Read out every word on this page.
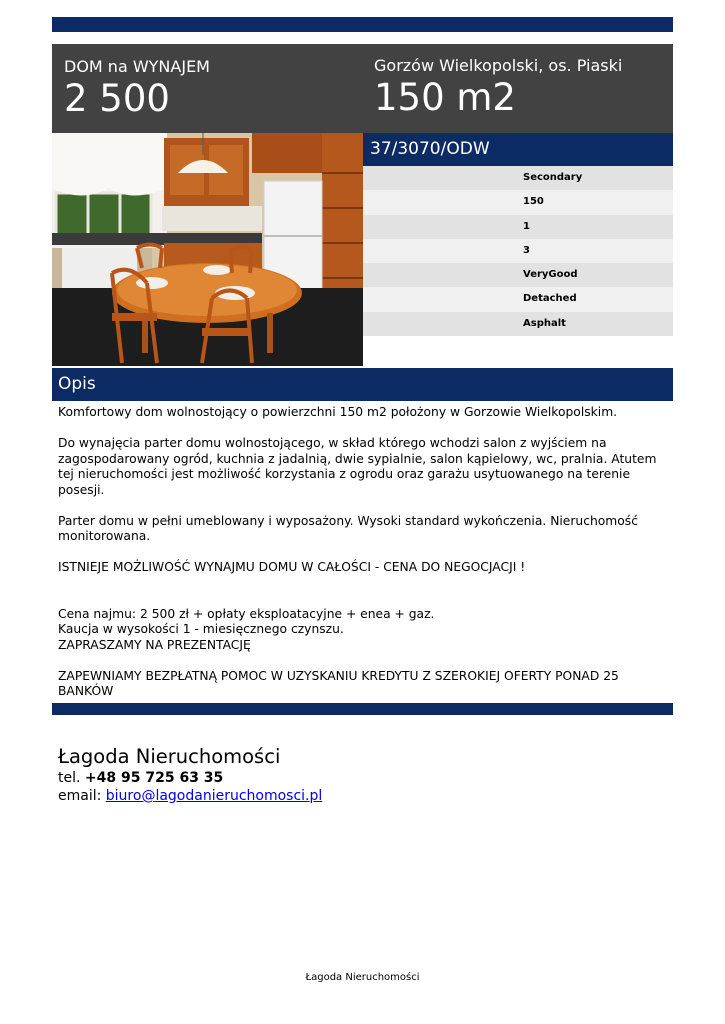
DOM na WYNAJEM
2 500
Gorzów Wielkopolski, os. Piaski
150 m2
37/3070/ODW
Secondary
150
1
3
VeryGood
Detached
Asphalt
Opis

Komfortowy dom wolnostojący o powierzchni 150 m2 położony w Gorzowie Wielkopolskim.

Do wynajęcia parter domu wolnostojącego, w skład którego wchodzi salon z wyjściem na zagospodarowany ogród, kuchnia z jadalnią, dwie sypialnie, salon kąpielowy, wc, pralnia. Atutem tej nieruchomości jest możliwość korzystania z ogrodu oraz garażu usytuowanego na terenie posesji.

Parter domu w pełni umeblowany i wyposażony. Wysoki standard wykończenia. Nieruchomość monitorowana.

ISTNIEJE MOŻLIWOŚĆ WYNAJMU DOMU W CAŁOŚCI - CENA DO NEGOCJACJI !

Cena najmu: 2 500 zł + opłaty eksploatacyjne + enea + gaz.

Kaucja w wysokości 1 - miesięcznego czynszu.

ZAPRASZAMY NA PREZENTACJĘ

ZAPEWNIAMY BEZPŁATNĄ POMOC W UZYSKANIU KREDYTU Z SZEROKIEJ OFERTY PONAD 25 BANKÓW

Łagoda Nieruchomości
tel. +48 95 725 63 35
email: biuro@lagodanieruchomosci.pl
Łagoda Nieruchomości
